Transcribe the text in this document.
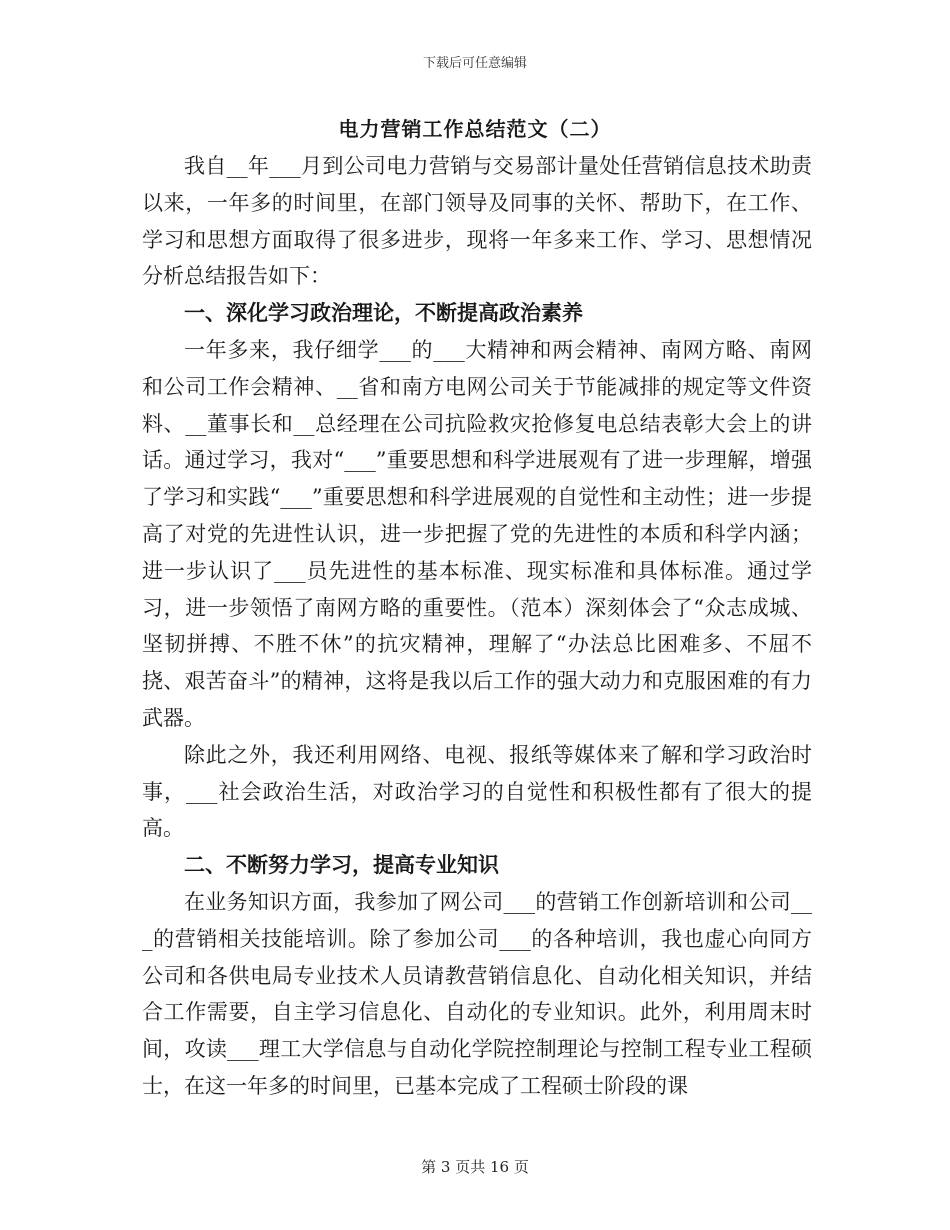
下载后可任意编辑
电力营销工作总结范文（二）

我自__年___月到公司电力营销与交易部计量处任营销信息技术助责以来，一年多的时间里，在部门领导及同事的关怀、帮助下，在工作、学习和思想方面取得了很多进步，现将一年多来工作、学习、思想情况分析总结报告如下：

一、深化学习政治理论，不断提高政治素养

一年多来，我仔细学___的___大精神和两会精神、南网方略、南网和公司工作会精神、__省和南方电网公司关于节能减排的规定等文件资料、__董事长和__总经理在公司抗险救灾抢修复电总结表彰大会上的讲话。通过学习，我对“___”重要思想和科学进展观有了进一步理解，增强了学习和实践“___”重要思想和科学进展观的自觉性和主动性；进一步提高了对党的先进性认识，进一步把握了党的先进性的本质和科学内涵；进一步认识了___员先进性的基本标准、现实标准和具体标准。通过学习，进一步领悟了南网方略的重要性。（范本）深刻体会了“众志成城、坚韧拼搏、不胜不休”的抗灾精神，理解了“办法总比困难多、不屈不挠、艰苦奋斗”的精神，这将是我以后工作的强大动力和克服困难的有力武器。

除此之外，我还利用网络、电视、报纸等媒体来了解和学习政治时事，___社会政治生活，对政治学习的自觉性和积极性都有了很大的提高。

二、不断努力学习，提高专业知识

在业务知识方面，我参加了网公司___的营销工作创新培训和公司___的营销相关技能培训。除了参加公司___的各种培训，我也虚心向同方公司和各供电局专业技术人员请教营销信息化、自动化相关知识，并结合工作需要，自主学习信息化、自动化的专业知识。此外，利用周末时间，攻读___理工大学信息与自动化学院控制理论与控制工程专业工程硕士，在这一年多的时间里，已基本完成了工程硕士阶段的课

第 3 页共 16 页
